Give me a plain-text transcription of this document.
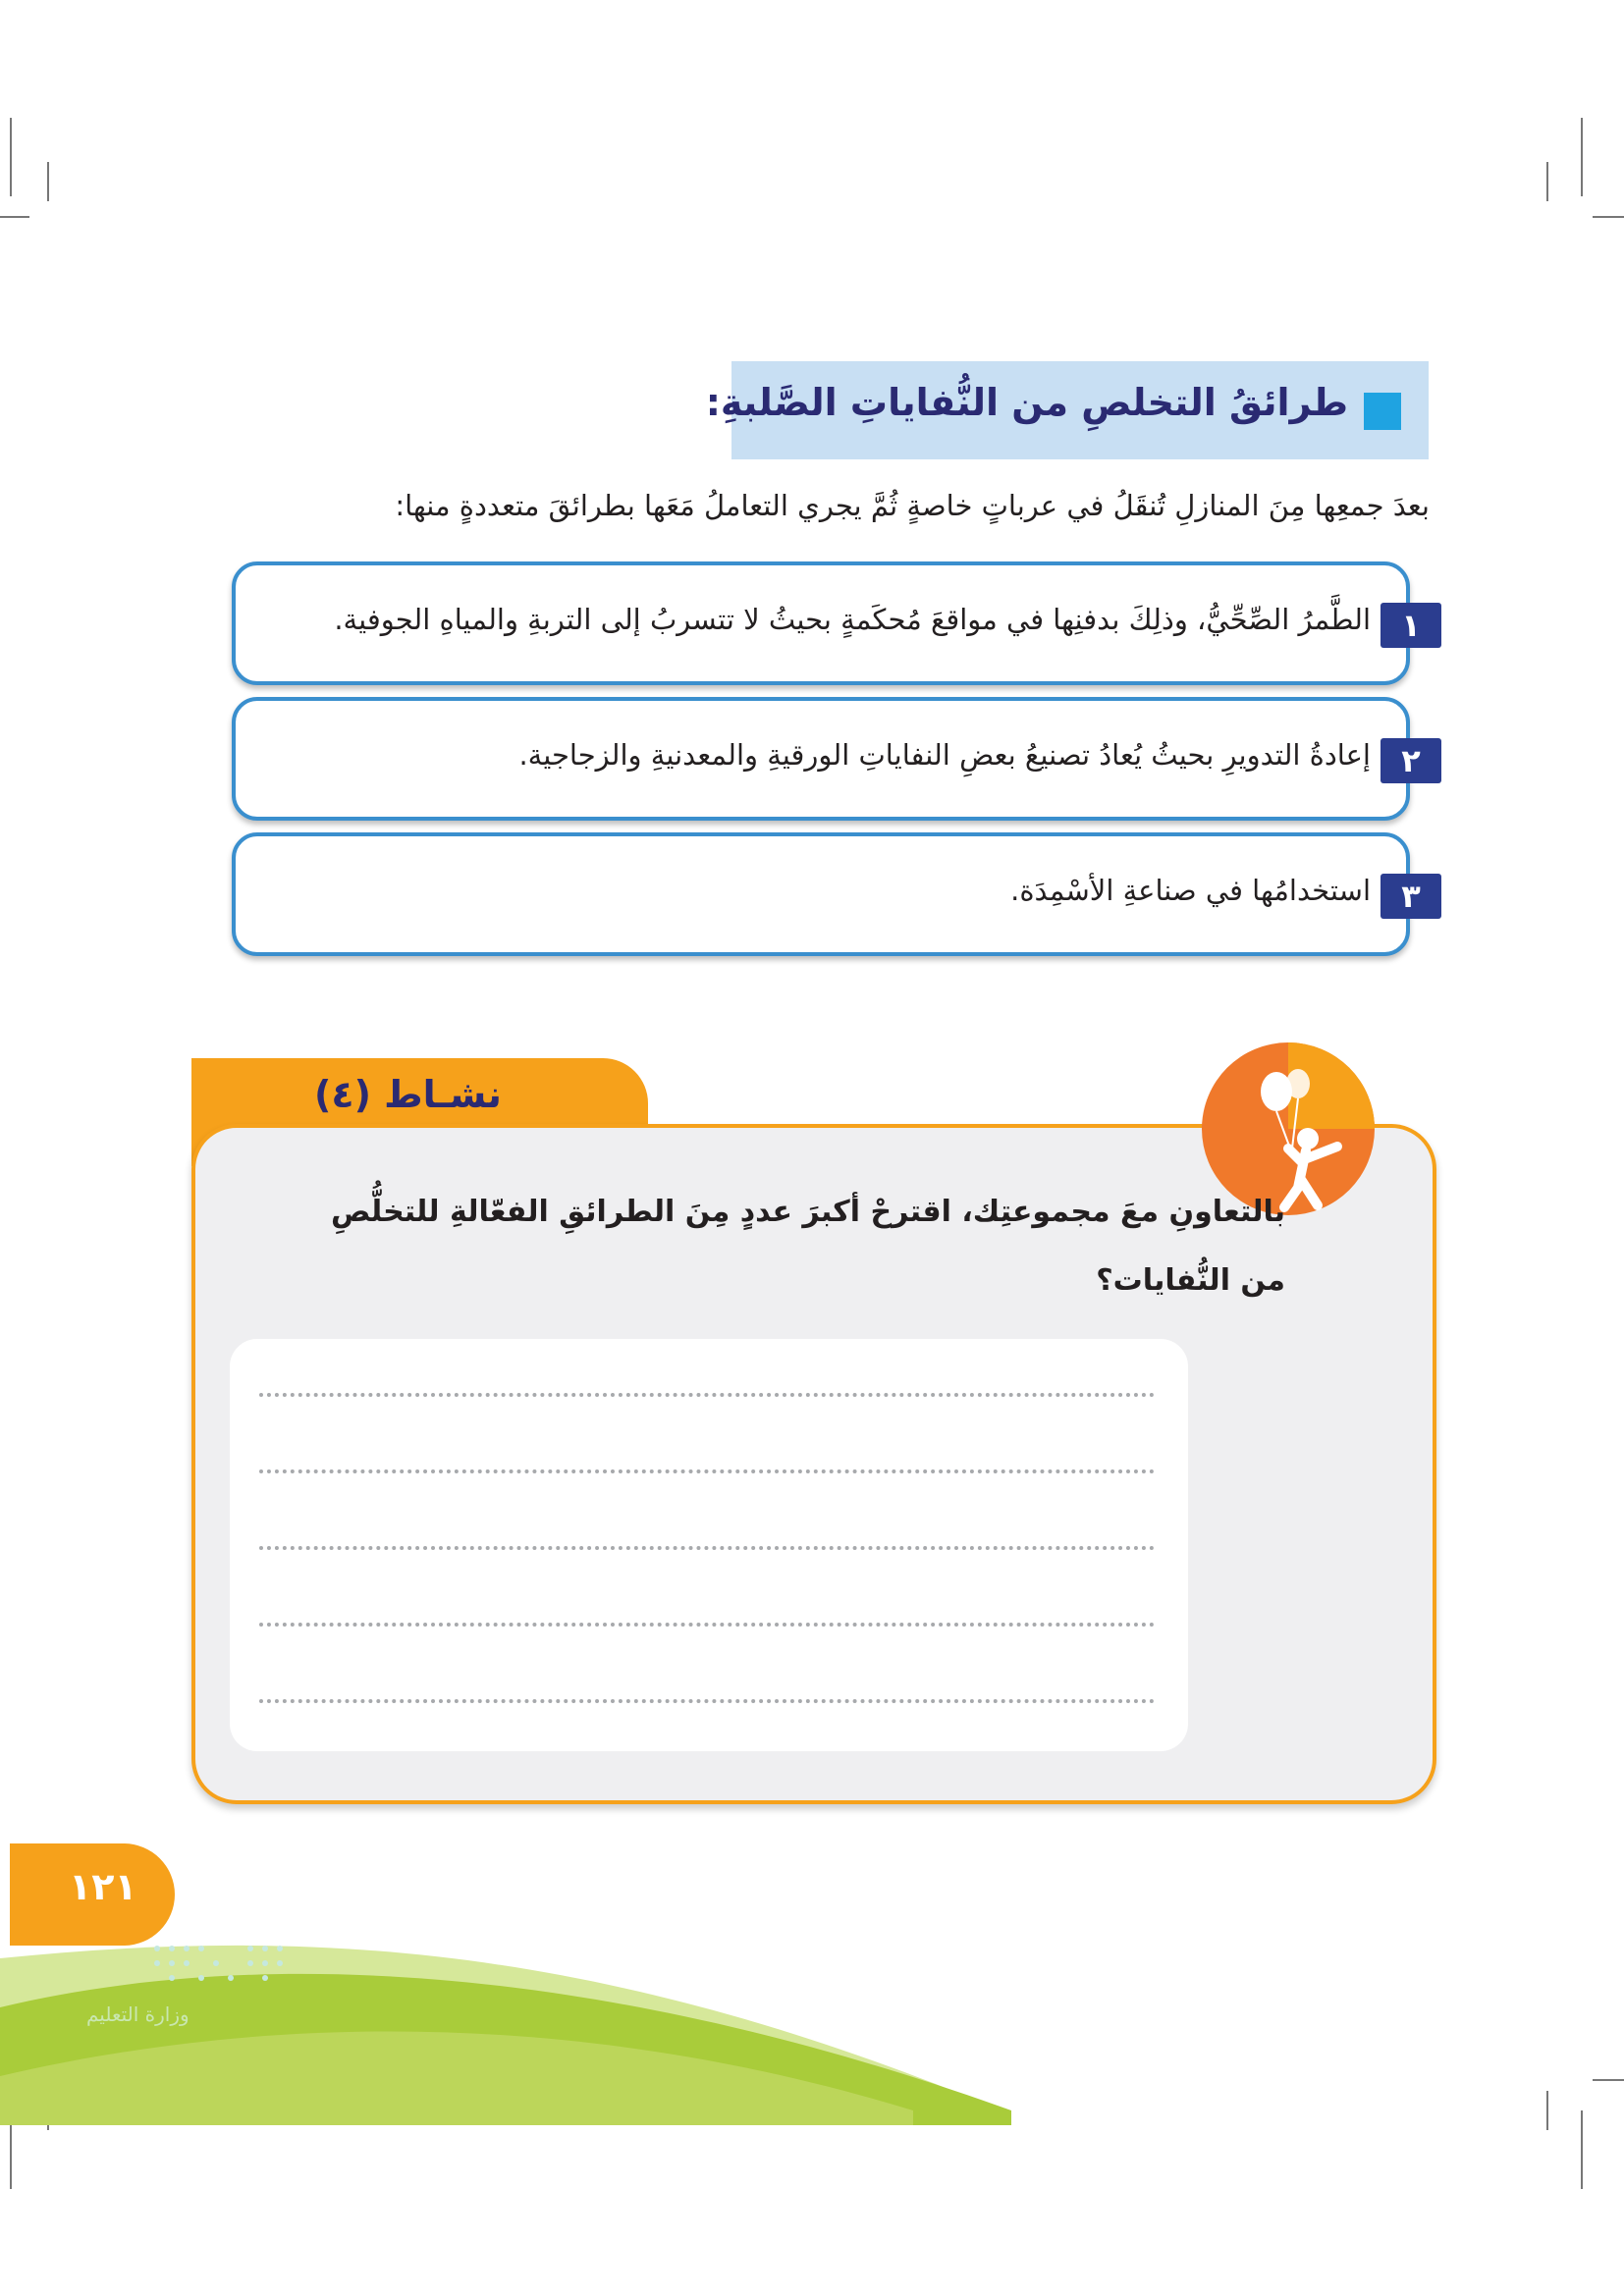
طرائقُ التخلصِ من النُّفاياتِ الصَّلبةِ:
بعدَ جمعِها مِنَ المنازلِ تُنقَلُ في عرباتٍ خاصةٍ ثُمَّ يجري التعاملُ مَعَها بطرائقَ متعددةٍ منها:
١
الطَّمرُ الصِّحِّيُّ، وذلِكَ بدفنِها في مواقعَ مُحكَمةٍ بحيثُ لا تتسربُ إلى التربةِ والمياهِ الجوفية.
٢
إعادةُ التدويرِ بحيثُ يُعادُ تصنيعُ بعضِ النفاياتِ الورقيةِ والمعدنيةِ والزجاجية.
٣
استخدامُها في صناعةِ الأسْمِدَة.
نشـاط (٤)
بالتعاونِ معَ مجموعتِك، اقترحْ أكبرَ عددٍ مِنَ الطرائقِ الفعّالةِ للتخلُّصِ من النُّفايات؟
وزارة التعليم
١٢١
